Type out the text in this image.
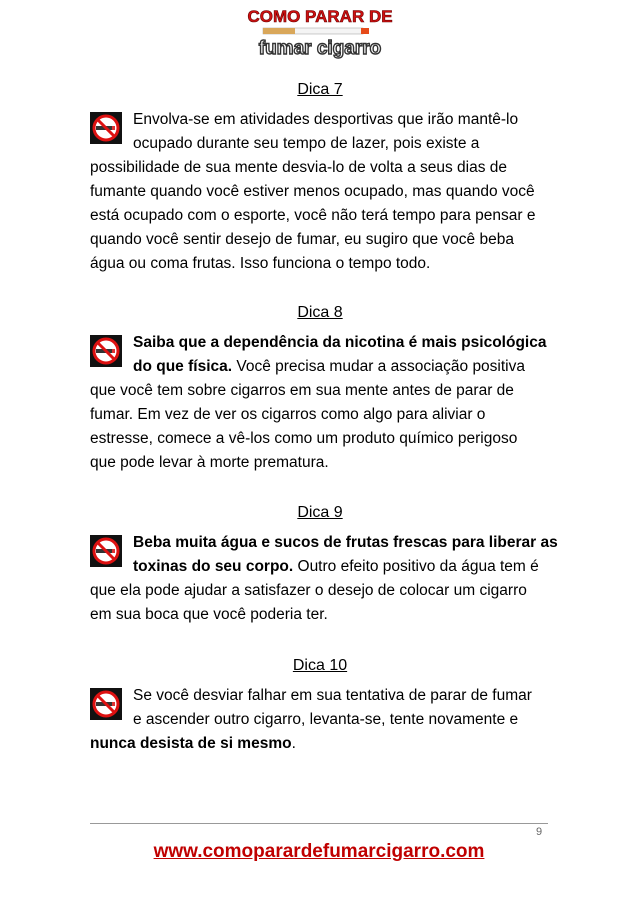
COMO PARAR DE
fumar cigarro
Dica 7
Envolva-se em atividades desportivas que irão mantê-lo
ocupado durante seu tempo de lazer, pois existe a
possibilidade de sua mente desvia-lo de volta a seus dias de
fumante quando você estiver menos ocupado, mas quando você
está ocupado com o esporte, você não terá tempo para pensar e
quando você sentir desejo de fumar, eu sugiro que você beba
água ou coma frutas. Isso funciona o tempo todo.
Dica 8
Saiba que a dependência da nicotina é mais psicológica
do que física. Você precisa mudar a associação positiva
que você tem sobre cigarros em sua mente antes de parar de
fumar. Em vez de ver os cigarros como algo para aliviar o
estresse, comece a vê-los como um produto químico perigoso
que pode levar à morte prematura.
Dica 9
Beba muita água e sucos de frutas frescas para liberar as
toxinas do seu corpo. Outro efeito positivo da água tem é
que ela pode ajudar a satisfazer o desejo de colocar um cigarro
em sua boca que você poderia ter.
Dica 10
Se você desviar falhar em sua tentativa de parar de fumar
e ascender outro cigarro, levanta-se, tente novamente e
nunca desista de si mesmo.
9
www.comoparardefumarcigarro.com
